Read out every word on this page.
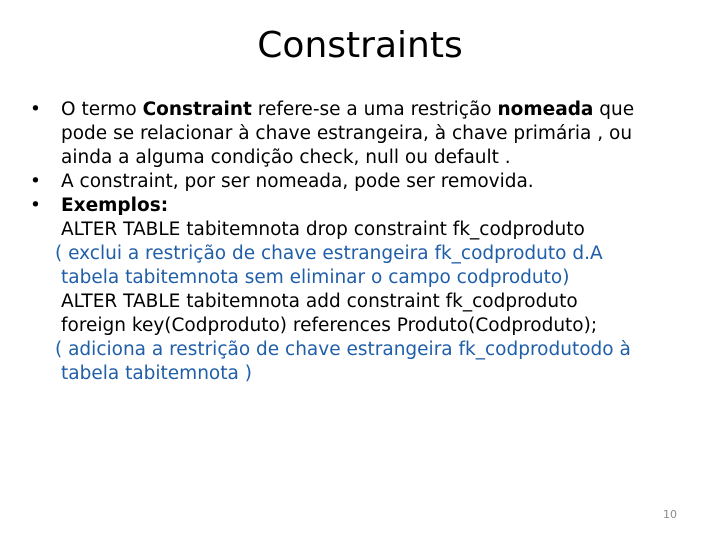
Constraints
•	O termo Constraint refere-se a uma restrição nomeada que
pode se relacionar à chave estrangeira, à chave primária , ou
ainda a alguma condição check, null ou default .
•	A constraint, por ser nomeada, pode ser removida.
•	Exemplos:
ALTER TABLE tabitemnota drop constraint fk_codproduto
( exclui a restrição de chave estrangeira fk_codproduto d.A
tabela tabitemnota sem eliminar o campo codproduto)
ALTER TABLE tabitemnota add constraint fk_codproduto
foreign key(Codproduto) references Produto(Codproduto);
( adiciona a restrição de chave estrangeira fk_codprodutodo à
tabela tabitemnota )
10
